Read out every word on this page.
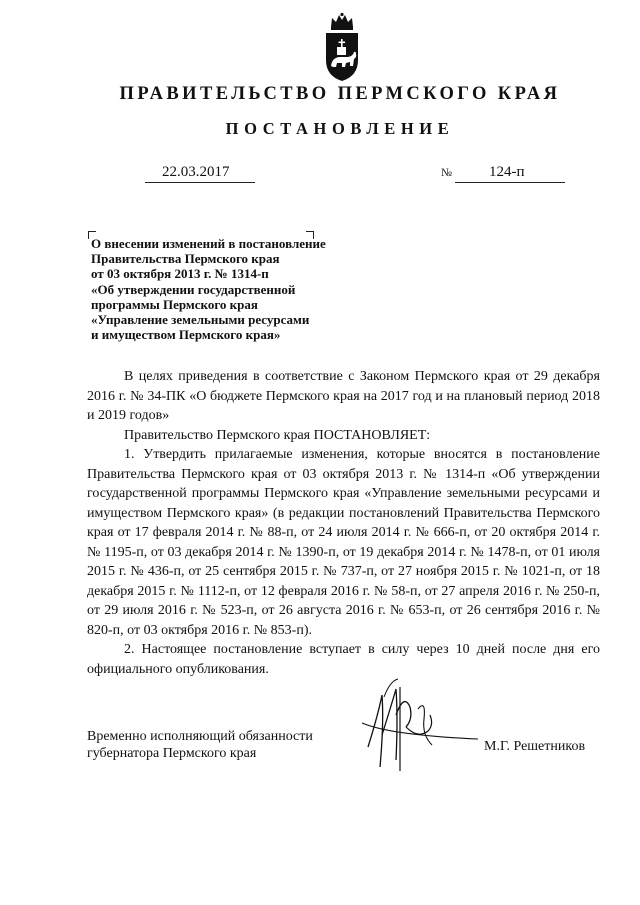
ПРАВИТЕЛЬСТВО ПЕРМСКОГО КРАЯ
ПОСТАНОВЛЕНИЕ
22.03.2017	№ 124-п
О внесении изменений в постановление
Правительства Пермского края
от 03 октября 2013 г. № 1314-п
«Об утверждении государственной
программы Пермского края
«Управление земельными ресурсами
и имуществом Пермского края»

В целях приведения в соответствие с Законом Пермского края от 29 декабря 2016 г. № 34-ПК «О бюджете Пермского края на 2017 год и на плановый период 2018 и 2019 годов»

Правительство Пермского края ПОСТАНОВЛЯЕТ:

1. Утвердить прилагаемые изменения, которые вносятся в постановление Правительства Пермского края от 03 октября 2013 г. № 1314-п «Об утверждении государственной программы Пермского края «Управление земельными ресурсами и имуществом Пермского края» (в редакции постановлений Правительства Пермского края от 17 февраля 2014 г. № 88-п, от 24 июля 2014 г. № 666-п, от 20 октября 2014 г. № 1195-п, от 03 декабря 2014 г. № 1390-п, от 19 декабря 2014 г. № 1478-п, от 01 июля 2015 г. № 436-п, от 25 сентября 2015 г. № 737-п, от 27 ноября 2015 г. № 1021-п, от 18 декабря 2015 г. № 1112-п, от 12 февраля 2016 г. № 58-п, от 27 апреля 2016 г. № 250-п, от 29 июля 2016 г. № 523-п, от 26 августа 2016 г. № 653-п, от 26 сентября 2016 г. № 820-п, от 03 октября 2016 г. № 853-п).

2. Настоящее постановление вступает в силу через 10 дней после дня его официального опубликования.

Временно исполняющий обязанности
губернатора Пермского края	М.Г. Решетников
